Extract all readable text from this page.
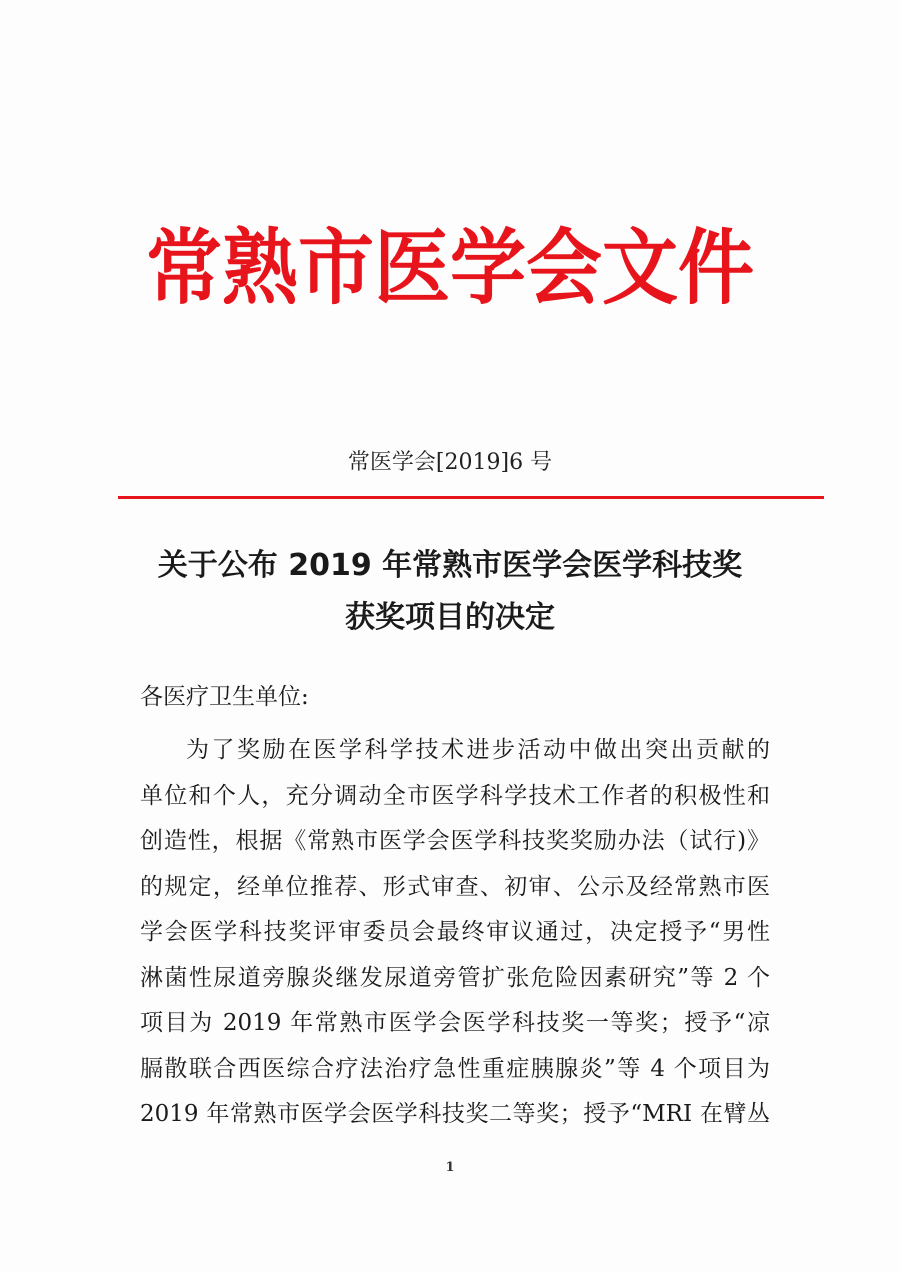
常熟市医学会文件
常医学会[2019]6 号
关于公布 2019 年常熟市医学会医学科技奖
获奖项目的决定
各医疗卫生单位:
为了奖励在医学科学技术进步活动中做出突出贡献的
单位和个人，充分调动全市医学科学技术工作者的积极性和
创造性，根据《常熟市医学会医学科技奖奖励办法（试行)》
的规定，经单位推荐、形式审查、初审、公示及经常熟市医
学会医学科技奖评审委员会最终审议通过，决定授予“男性
淋菌性尿道旁腺炎继发尿道旁管扩张危险因素研究”等 2 个
项目为 2019 年常熟市医学会医学科技奖一等奖；授予“凉
膈散联合西医综合疗法治疗急性重症胰腺炎”等 4 个项目为
2019 年常熟市医学会医学科技奖二等奖；授予“MRI 在臂丛
1
